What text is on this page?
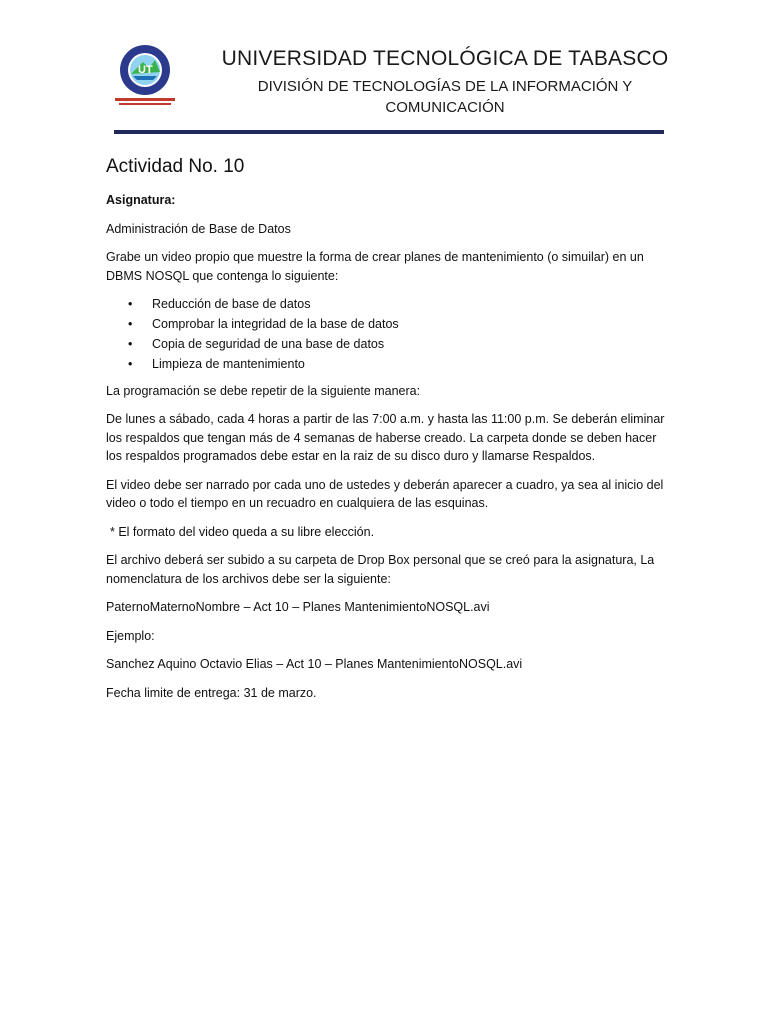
UT	UNIVERSIDAD TECNOLÓGICA DE TABASCO
DIVISIÓN DE TECNOLOGÍAS DE LA INFORMACIÓN Y COMUNICACIÓN
Actividad No. 10

Asignatura:

Administración de Base de Datos

Grabe un video propio que muestre la forma de crear planes de mantenimiento (o simuilar) en un DBMS NOSQL que contenga lo siguiente:

• Reducción de base de datos
• Comprobar la integridad de la base de datos
• Copia de seguridad de una base de datos
• Limpieza de mantenimiento

La programación se debe repetir de la siguiente manera:

De lunes a sábado, cada 4 horas a partir de las 7:00 a.m. y hasta las 11:00 p.m. Se deberán eliminar los respaldos que tengan más de 4 semanas de haberse creado. La carpeta donde se deben hacer los respaldos programados debe estar en la raiz de su disco duro y llamarse Respaldos.

El video debe ser narrado por cada uno de ustedes y deberán aparecer a cuadro, ya sea al inicio del video o todo el tiempo en un recuadro en cualquiera de las esquinas.

* El formato del video queda a su libre elección.

El archivo deberá ser subido a su carpeta de Drop Box personal que se creó para la asignatura, La nomenclatura de los archivos debe ser la siguiente:

PaternoMaternoNombre – Act 10 – Planes MantenimientoNOSQL.avi

Ejemplo:

Sanchez Aquino Octavio Elias – Act 10 – Planes MantenimientoNOSQL.avi

Fecha limite de entrega: 31 de marzo.
